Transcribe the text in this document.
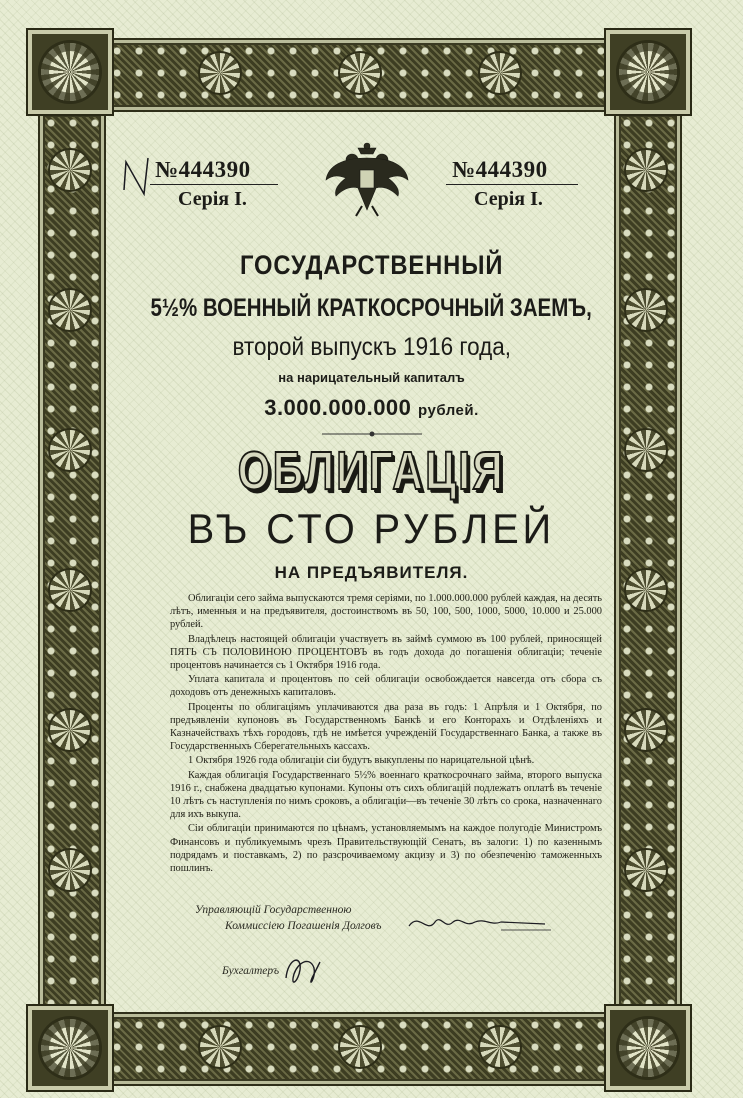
№444390
Серія I.
№444390
Серія I.
ГОСУДАРСТВЕННЫЙ
5½% ВОЕННЫЙ КРАТКОСРОЧНЫЙ ЗАЕМЪ,
второй выпускъ 1916 года,
на нарицательный капиталъ
3.000.000.000 рублей.
ОБЛИГАЦІЯ
ВЪ СТО РУБЛЕЙ
НА ПРЕДЪЯВИТЕЛЯ.

Облигаціи сего займа выпускаются тремя серіями, по 1.000.000.000 рублей каждая, на десять лѣтъ, именныя и на предъявителя, достоинствомъ въ 50, 100, 500, 1000, 5000, 10.000 и 25.000 рублей.

Владѣлецъ настоящей облигаціи участвуетъ въ займѣ суммою въ 100 рублей, приносящей ПЯТЬ СЪ ПОЛОВИНОЮ ПРОЦЕНТОВЪ въ годъ дохода до погашенія облигаціи; теченіе процентовъ начинается съ 1 Октября 1916 года.

Уплата капитала и процентовъ по сей облигаціи освобождается навсегда отъ сбора съ доходовъ отъ денежныхъ капиталовъ.

Проценты по облигаціямъ уплачиваются два раза въ годъ: 1 Апрѣля и 1 Октября, по предъявленіи купоновъ въ Государственномъ Банкѣ и его Конторахъ и Отдѣленіяхъ и Казначействахъ тѣхъ городовъ, гдѣ не имѣется учрежденій Государственнаго Банка, а также въ Государственныхъ Сберегательныхъ кассахъ.

1 Октября 1926 года облигаціи сіи будутъ выкуплены по нарицательной цѣнѣ.

Каждая облигація Государственнаго 5½% военнаго краткосрочнаго займа, второго выпуска 1916 г., снабжена двадцатью купонами. Купоны отъ сихъ облигацій подлежатъ оплатѣ въ теченіе 10 лѣтъ съ наступленія по нимъ сроковъ, а облигаціи—въ теченіе 30 лѣтъ со срока, назначеннаго для ихъ выкупа.

Сіи облигаціи принимаются по цѣнамъ, установляемымъ на каждое полугодіе Министромъ Финансовъ и публикуемымъ чрезъ Правительствующій Сенатъ, въ залоги: 1) по казеннымъ подрядамъ и поставкамъ, 2) по разсрочиваемому акцизу и 3) по обезпеченію таможенныхъ пошлинъ.

Управляющій Государственною
Коммиссіею Погашенія Долговъ
Бухгалтеръ
